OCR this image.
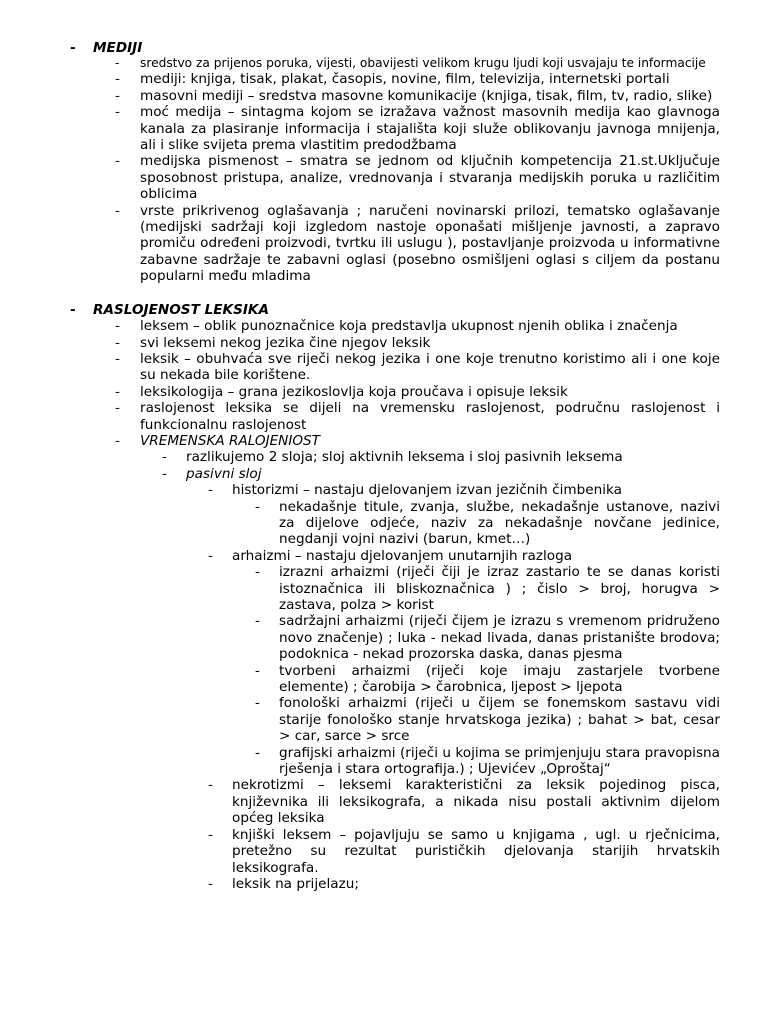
- MEDIJI
- sredstvo za prijenos poruka, vijesti, obavijesti velikom krugu ljudi koji usvajaju te informacije
- mediji: knjiga, tisak, plakat, časopis, novine, film, televizija, internetski portali
- masovni mediji – sredstva masovne komunikacije (knjiga, tisak, film, tv, radio, slike)
- moć medija – sintagma kojom se izražava važnost masovnih medija kao glavnoga kanala za plasiranje informacija i stajališta koji služe oblikovanju javnoga mnijenja, ali i slike svijeta prema vlastitim predodžbama
- medijska pismenost – smatra se jednom od ključnih kompetencija 21.st.Uključuje sposobnost pristupa, analize, vrednovanja i stvaranja medijskih poruka u različitim oblicima
- vrste prikrivenog oglašavanja ; naručeni novinarski prilozi, tematsko oglašavanje (medijski sadržaji koji izgledom nastoje oponašati mišljenje javnosti, a zapravo promiču određeni proizvodi, tvrtku ili uslugu ), postavljanje proizvoda u informativne zabavne sadržaje te zabavni oglasi (posebno osmišljeni oglasi s ciljem da postanu popularni među mladima
- RASLOJENOST LEKSIKA
- leksem – oblik punoznačnice koja predstavlja ukupnost njenih oblika i značenja
- svi leksemi nekog jezika čine njegov leksik
- leksik – obuhvaća sve riječi nekog jezika i one koje trenutno koristimo ali i one koje su nekada bile korištene.
- leksikologija – grana jezikoslovlja koja proučava i opisuje leksik
- raslojenost leksika se dijeli na vremensku raslojenost, područnu raslojenost i funkcionalnu raslojenost
- VREMENSKA RALOJENIOST
- razlikujemo 2 sloja; sloj aktivnih leksema i sloj pasivnih leksema
- pasivni sloj
- historizmi – nastaju djelovanjem izvan jezičnih čimbenika
- nekadašnje titule, zvanja, službe, nekadašnje ustanove, nazivi za dijelove odjeće, naziv za nekadašnje novčane jedinice, negdanji vojni nazivi (barun, kmet…)
- arhaizmi – nastaju djelovanjem unutarnjih razloga
- izrazni arhaizmi (riječi čiji je izraz zastario te se danas koristi istoznačnica ili bliskoznačnica ) ; čislo > broj, horugva > zastava, polza > korist
- sadržajni arhaizmi (riječi čijem je izrazu s vremenom pridruženo novo značenje) ; luka - nekad livada, danas pristanište brodova; podoknica - nekad prozorska daska, danas pjesma
- tvorbeni arhaizmi (riječi koje imaju zastarjele tvorbene elemente) ; čarobija > čarobnica, ljepost > ljepota
- fonološki arhaizmi (riječi u čijem se fonemskom sastavu vidi starije fonološko stanje hrvatskoga jezika) ; bahat > bat, cesar > car, sarce > srce
- grafijski arhaizmi (riječi u kojima se primjenjuju stara pravopisna rješenja i stara ortografija.) ; Ujevićev „Oproštaj“
- nekrotizmi – leksemi karakteristični za leksik pojedinog pisca, književnika ili leksikografa, a nikada nisu postali aktivnim dijelom općeg leksika
- knjiški leksem – pojavljuju se samo u knjigama , ugl. u rječnicima, pretežno su rezultat purističkih djelovanja starijih hrvatskih leksikografa.
- leksik na prijelazu;
